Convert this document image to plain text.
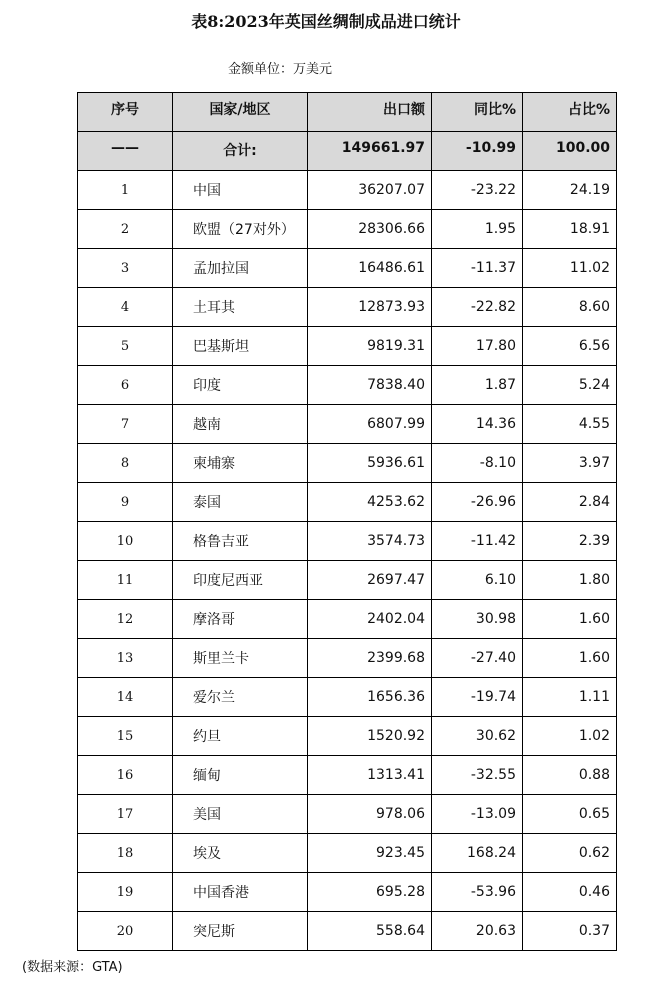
表8:2023年英国丝绸制成品进口统计
金额单位：万美元
序号	国家/地区	出口额	同比%	占比%
——	合计:	149661.97	-10.99	100.00
1	中国	36207.07	-23.22	24.19
2	欧盟（27对外）	28306.66	1.95	18.91
3	孟加拉国	16486.61	-11.37	11.02
4	土耳其	12873.93	-22.82	8.60
5	巴基斯坦	9819.31	17.80	6.56
6	印度	7838.40	1.87	5.24
7	越南	6807.99	14.36	4.55
8	柬埔寨	5936.61	-8.10	3.97
9	泰国	4253.62	-26.96	2.84
10	格鲁吉亚	3574.73	-11.42	2.39
11	印度尼西亚	2697.47	6.10	1.80
12	摩洛哥	2402.04	30.98	1.60
13	斯里兰卡	2399.68	-27.40	1.60
14	爱尔兰	1656.36	-19.74	1.11
15	约旦	1520.92	30.62	1.02
16	缅甸	1313.41	-32.55	0.88
17	美国	978.06	-13.09	0.65
18	埃及	923.45	168.24	0.62
19	中国香港	695.28	-53.96	0.46
20	突尼斯	558.64	20.63	0.37
(数据来源：GTA)
